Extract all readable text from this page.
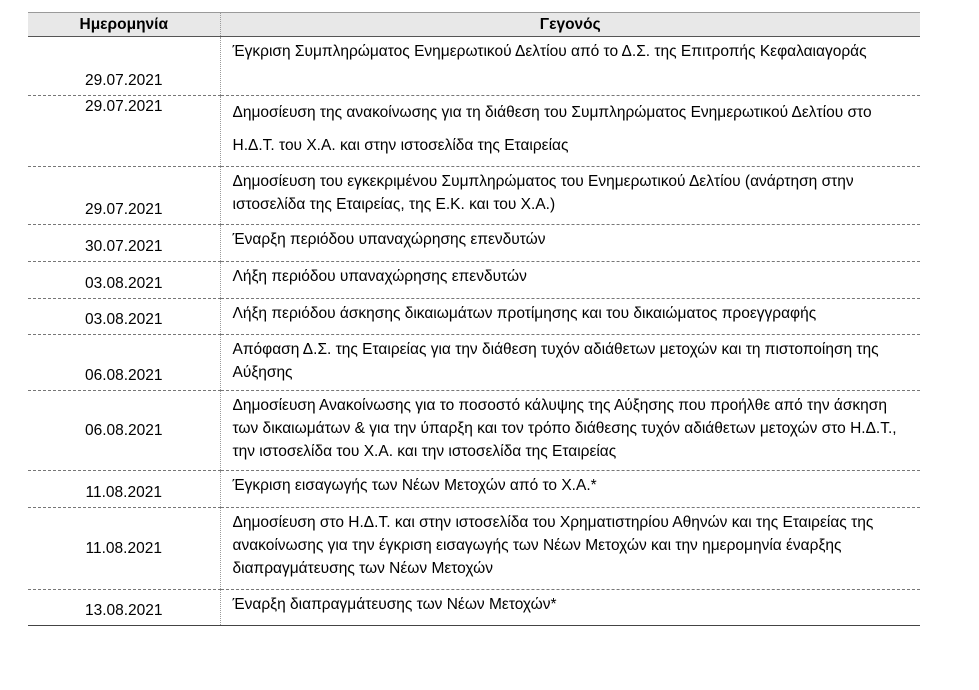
Ημερομηνία	Γεγονός
29.07.2021	Έγκριση Συμπληρώματος Ενημερωτικού Δελτίου από το Δ.Σ. της Επιτροπής Κεφαλαιαγοράς
29.07.2021	Δημοσίευση της ανακοίνωσης για τη διάθεση του Συμπληρώματος Ενημερωτικού Δελτίου στο Η.Δ.Τ. του Χ.Α. και στην ιστοσελίδα της Εταιρείας
29.07.2021	Δημοσίευση του εγκεκριμένου Συμπληρώματος του Ενημερωτικού Δελτίου (ανάρτηση στην ιστοσελίδα της Εταιρείας, της Ε.Κ. και του Χ.Α.)
30.07.2021	Έναρξη περιόδου υπαναχώρησης επενδυτών
03.08.2021	Λήξη περιόδου υπαναχώρησης επενδυτών
03.08.2021	Λήξη περιόδου άσκησης δικαιωμάτων προτίμησης και του δικαιώματος προεγγραφής
06.08.2021	Απόφαση Δ.Σ. της Εταιρείας για την διάθεση τυχόν αδιάθετων μετοχών και τη πιστοποίηση της Αύξησης
06.08.2021	Δημοσίευση Ανακοίνωσης για το ποσοστό κάλυψης της Αύξησης που προήλθε από την άσκηση των δικαιωμάτων & για την ύπαρξη και τον τρόπο διάθεσης τυχόν αδιάθετων μετοχών στο Η.Δ.Τ., την ιστοσελίδα του Χ.Α. και την ιστοσελίδα της Εταιρείας
11.08.2021	Έγκριση εισαγωγής των Νέων Μετοχών από το Χ.Α.*
11.08.2021	Δημοσίευση στο Η.Δ.Τ. και στην ιστοσελίδα του Χρηματιστηρίου Αθηνών και της Εταιρείας της ανακοίνωσης για την έγκριση εισαγωγής των Νέων Μετοχών και την ημερομηνία έναρξης διαπραγμάτευσης των Νέων Μετοχών
13.08.2021	Έναρξη διαπραγμάτευσης των Νέων Μετοχών*
